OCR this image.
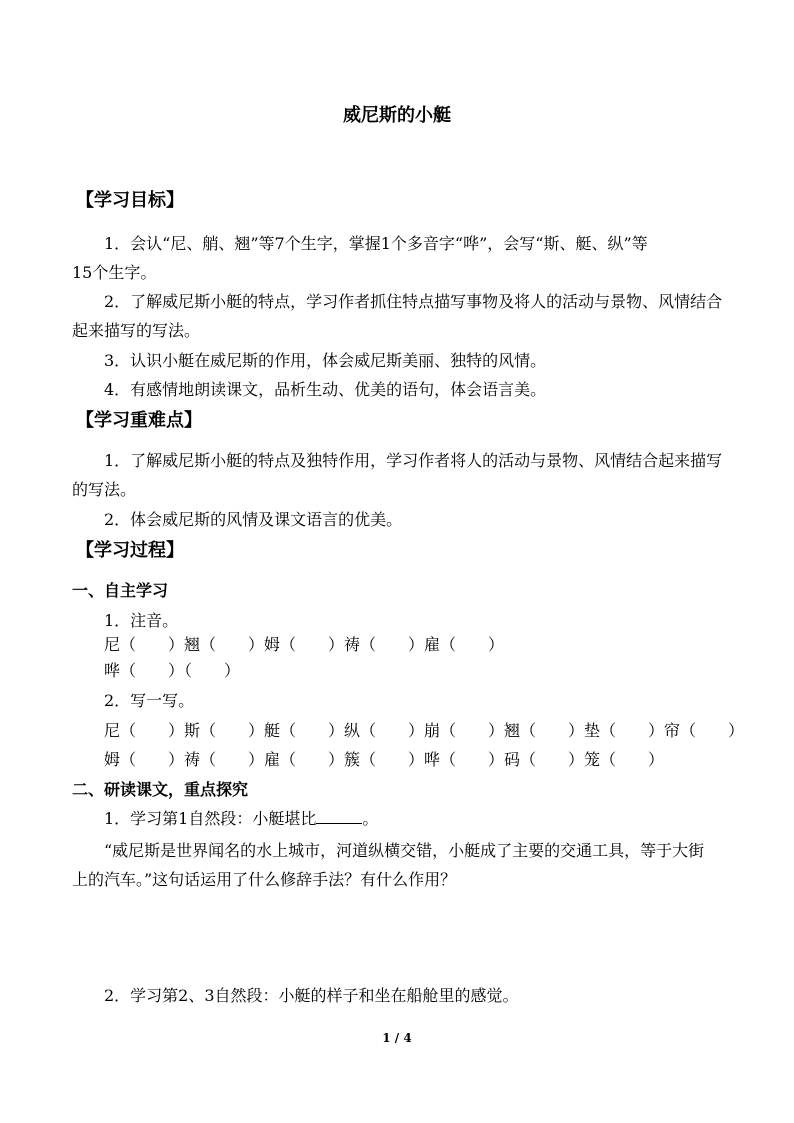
威尼斯的小艇
【学习目标】
1．会认“尼、艄、翘”等7个生字，掌握1个多音字“哗”，会写“斯、艇、纵”等
15个生字。
2．了解威尼斯小艇的特点，学习作者抓住特点描写事物及将人的活动与景物、风情结合
起来描写的写法。
3．认识小艇在威尼斯的作用，体会威尼斯美丽、独特的风情。
4．有感情地朗读课文，品析生动、优美的语句，体会语言美。
【学习重难点】
1．了解威尼斯小艇的特点及独特作用，学习作者将人的活动与景物、风情结合起来描写
的写法。
2．体会威尼斯的风情及课文语言的优美。
【学习过程】
一、自主学习
1．注音。
尼（　　）翘（　　）姆（　　）祷（　　）雇（　　）
哗（　　）（　　）
2．写一写。
尼（　　）斯（　　）艇（　　）纵（　　）崩（　　）翘（　　）垫（　　）帘（　　）
姆（　　）祷（　　）雇（　　）簇（　　）哗（　　）码（　　）笼（　　）
二、研读课文，重点探究
1．学习第1自然段：小艇堪比	。
“威尼斯是世界闻名的水上城市，河道纵横交错，小艇成了主要的交通工具，等于大街
上的汽车。”这句话运用了什么修辞手法？有什么作用？
2．学习第2、3自然段：小艇的样子和坐在船舱里的感觉。
1 / 4
